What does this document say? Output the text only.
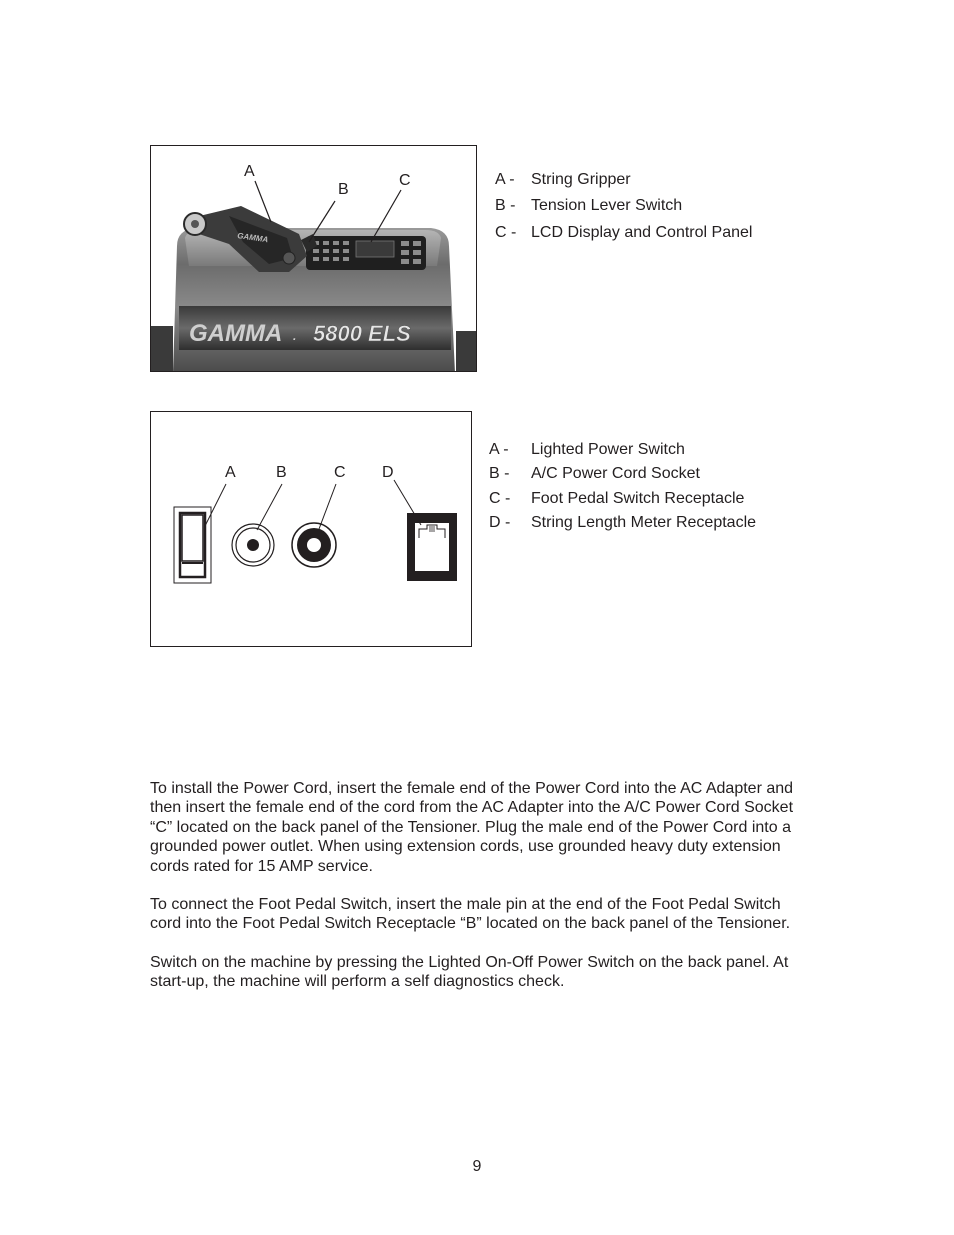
GAMMA . 5800 ELS
GAMMA
A
B
C	A - String Gripper
B - Tension Lever Switch
C - LCD Display and Control Panel
A	B	C D
A - Lighted Power Switch
B - A/C Power Cord Socket
C - Foot Pedal Switch Receptacle
D - String Length Meter Receptacle

To install the Power Cord, insert the female end of the Power Cord into the AC Adapter and then insert the female end of the cord from the AC Adapter into the A/C Power Cord Socket “C” located on the back panel of the Tensioner. Plug the male end of the Power Cord into a grounded power outlet. When using extension cords, use grounded heavy duty extension cords rated for 15 AMP service.

To connect the Foot Pedal Switch, insert the male pin at the end of the Foot Pedal Switch cord into the Foot Pedal Switch Receptacle “B” located on the back panel of the Tensioner.

Switch on the machine by pressing the Lighted On-Off Power Switch on the back panel. At start-up, the machine will perform a self diagnostics check.

9
